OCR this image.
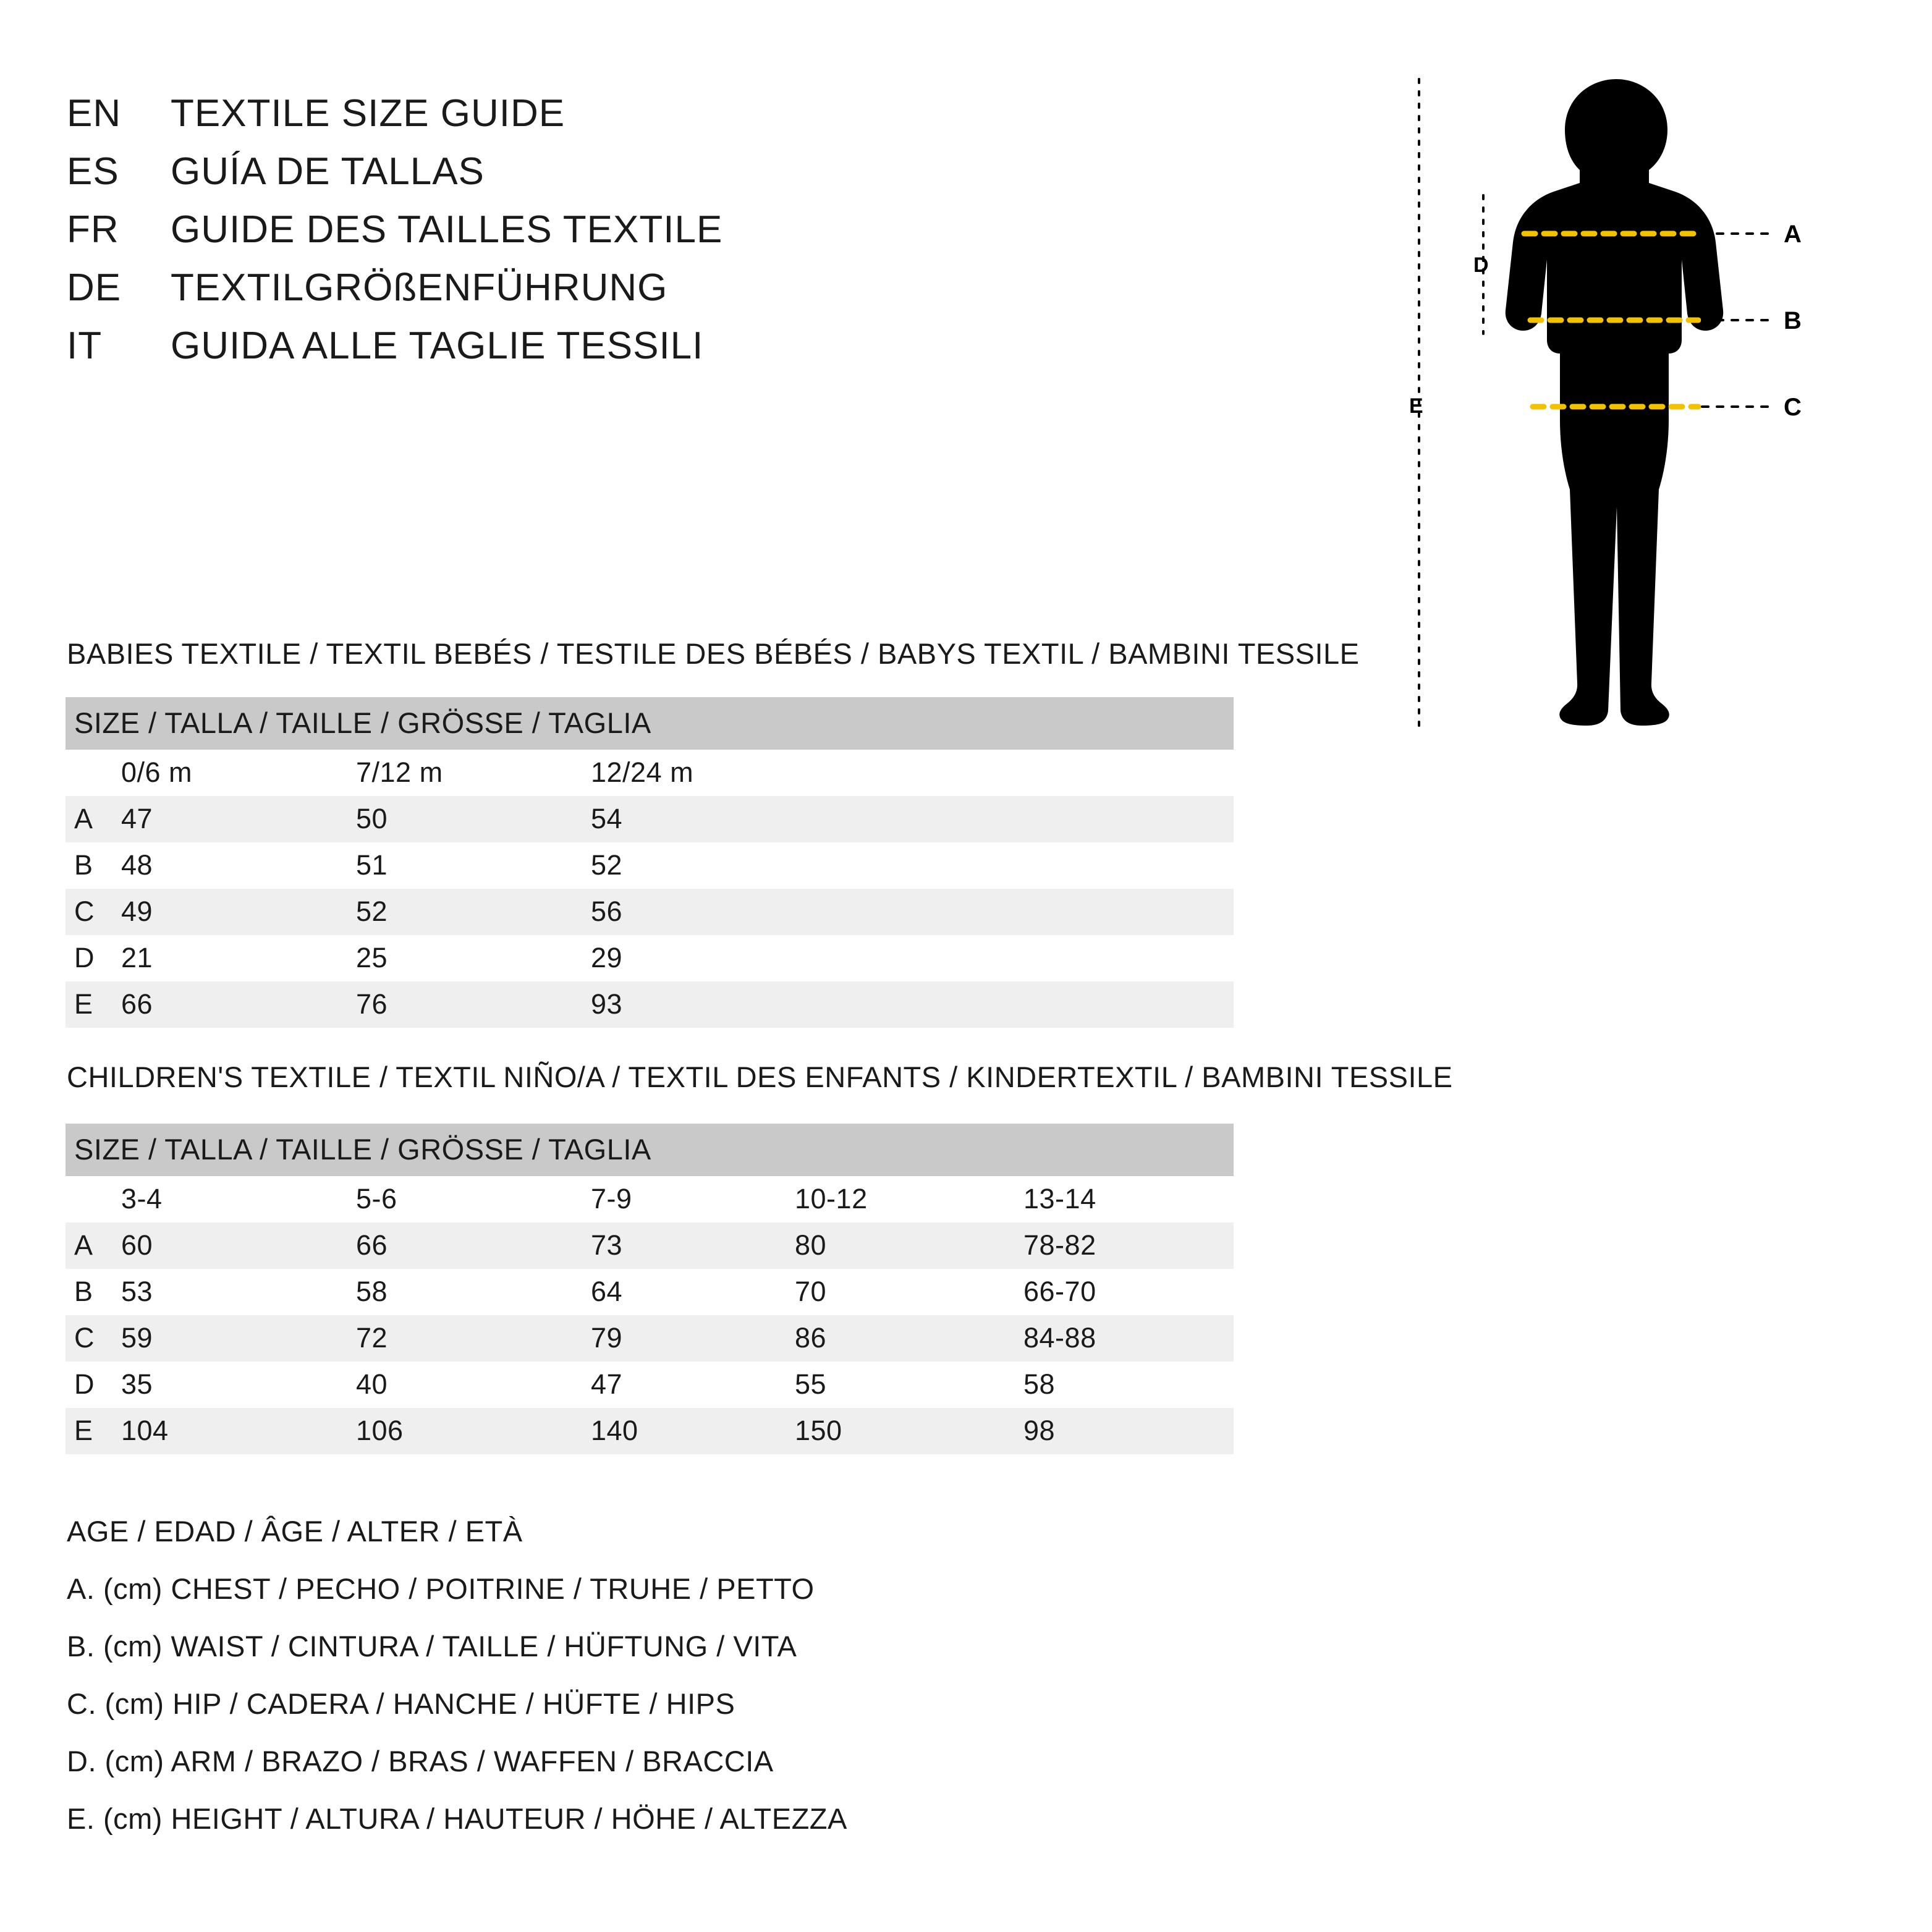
EN	TEXTILE SIZE GUIDE
ES	GUÍA DE TALLAS
FR	GUIDE DES TAILLES TEXTILE
DE	TEXTILGRÖßENFÜHRUNG
IT	GUIDA ALLE TAGLIE TESSILI
E
D
A
B
C
BABIES TEXTILE / TEXTIL BEBÉS / TESTILE DES BÉBÉS / BABYS TEXTIL / BAMBINI TESSILE
SIZE / TALLA / TAILLE / GRÖSSE / TAGLIA			
	0/6 m	7/12 m	12/24 m
A	47	50	54
B	48	51	52
C	49	52	56
D	21	25	29
E	66	76	93
CHILDREN'S TEXTILE / TEXTIL NIÑO/A / TEXTIL DES ENFANTS / KINDERTEXTIL / BAMBINI TESSILE
SIZE / TALLA / TAILLE / GRÖSSE / TAGLIA					
	3-4	5-6	7-9	10-12	13-14
A	60	66	73	80	78-82
B	53	58	64	70	66-70
C	59	72	79	86	84-88
D	35	40	47	55	58
E	104	106	140	150	98
AGE / EDAD / ÂGE / ALTER / ETÀ
A. (cm) CHEST / PECHO / POITRINE / TRUHE / PETTO
B. (cm) WAIST / CINTURA / TAILLE / HÜFTUNG / VITA
C. (cm) HIP / CADERA / HANCHE / HÜFTE / HIPS
D. (cm) ARM / BRAZO / BRAS / WAFFEN / BRACCIA
E. (cm) HEIGHT / ALTURA / HAUTEUR / HÖHE / ALTEZZA
